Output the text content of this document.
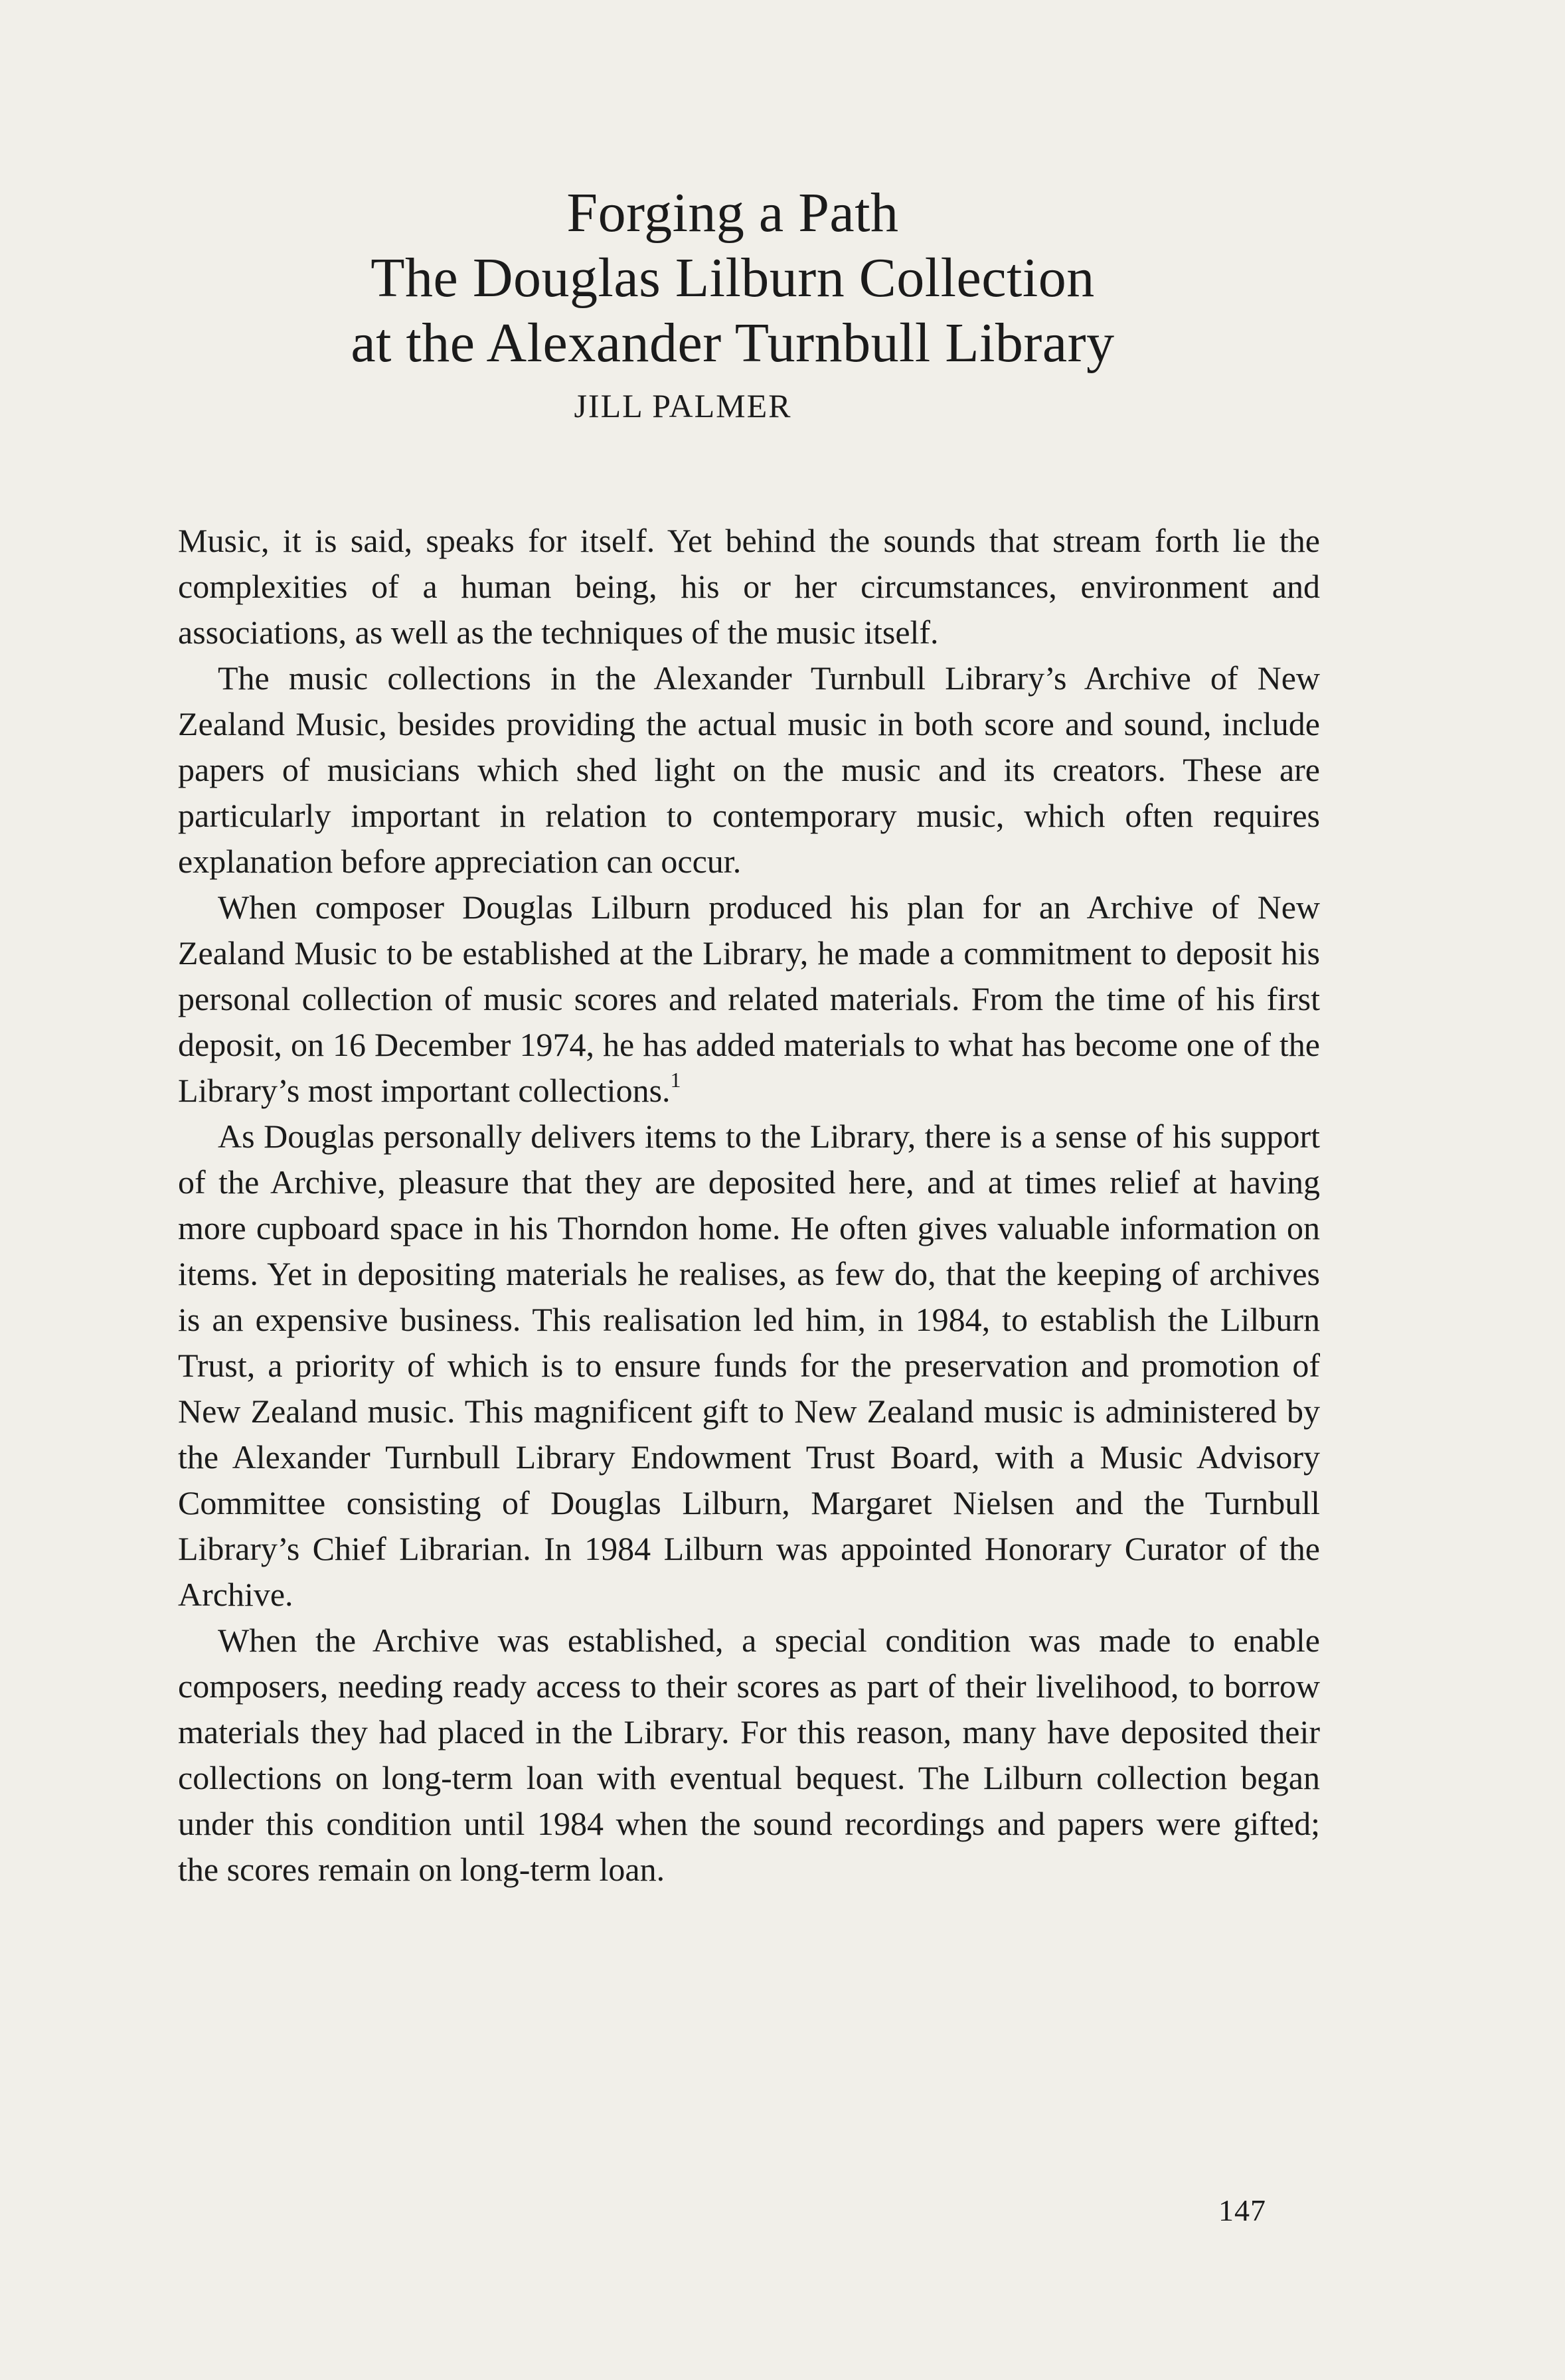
Forging a Path
The Douglas Lilburn Collection
at the Alexander Turnbull Library
JILL PALMER

Music, it is said, speaks for itself. Yet behind the sounds that stream forth lie the complexities of a human being, his or her circumstances, environment and associations, as well as the techniques of the music itself.

The music collections in the Alexander Turnbull Library’s Archive of New Zealand Music, besides providing the actual music in both score and sound, include papers of musicians which shed light on the music and its creators. These are particularly important in relation to contemporary music, which often requires explanation before appreciation can occur.

When composer Douglas Lilburn produced his plan for an Archive of New Zealand Music to be established at the Library, he made a commitment to deposit his personal collection of music scores and related materials. From the time of his first deposit, on 16 December 1974, he has added materials to what has become one of the Library’s most important collections.$^1$

As Douglas personally delivers items to the Library, there is a sense of his support of the Archive, pleasure that they are deposited here, and at times relief at having more cupboard space in his Thorndon home. He often gives valuable information on items. Yet in depositing materials he realises, as few do, that the keeping of archives is an expensive business. This realisation led him, in 1984, to establish the Lilburn Trust, a priority of which is to ensure funds for the preservation and promotion of New Zealand music. This magnificent gift to New Zealand music is administered by the Alexander Turnbull Library Endowment Trust Board, with a Music Advisory Committee consisting of Douglas Lilburn, Margaret Nielsen and the Turnbull Library’s Chief Librarian. In 1984 Lilburn was appointed Honorary Curator of the Archive.

When the Archive was established, a special condition was made to enable composers, needing ready access to their scores as part of their livelihood, to borrow materials they had placed in the Library. For this reason, many have deposited their collections on long-term loan with eventual bequest. The Lilburn collection began under this condition until 1984 when the sound recordings and papers were gifted; the scores remain on long-term loan.

147
